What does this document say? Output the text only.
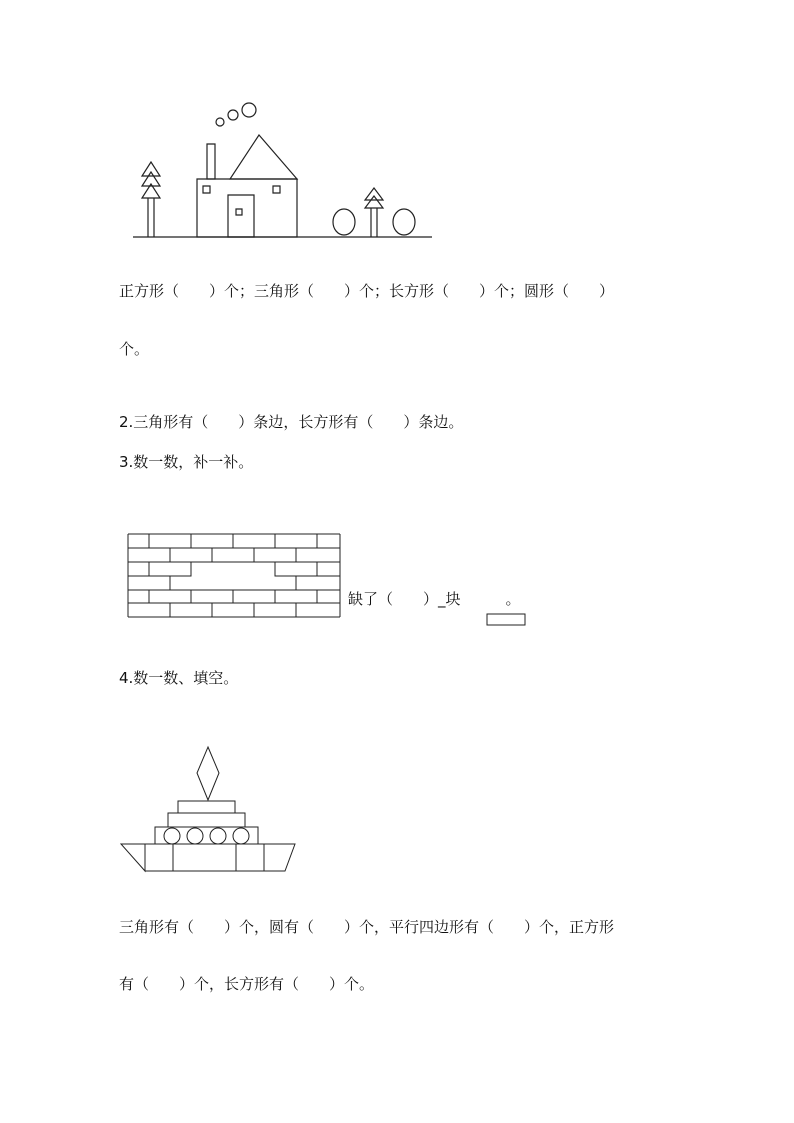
正方形（　　）个；三角形（　　）个；长方形（　　）个；圆形（　　）
个。
2.三角形有（　　）条边，长方形有（　　）条边。
3.数一数，补一补。
缺了（　　）_块　　　。
4.数一数、填空。
三角形有（　　）个，圆有（　　）个，平行四边形有（　　）个，正方形
有（　　）个，长方形有（　　）个。
